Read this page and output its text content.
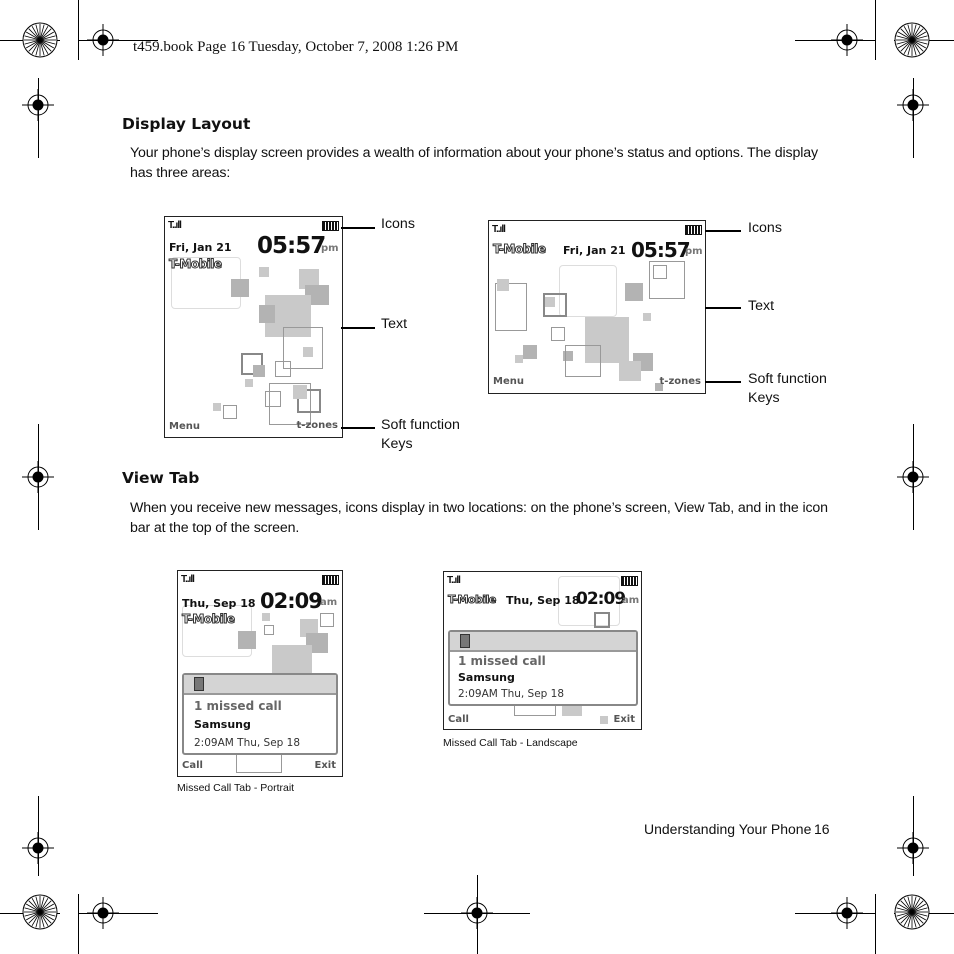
t459.book Page 16 Tuesday, October 7, 2008 1:26 PM
Display Layout
Your phone’s display screen provides a wealth of information about your phone’s status and options. The display has three areas:
T..ıll
Fri, Jan 21 05:57
pm
T-Mobile
Menu	t-zones
Icons
Text
Soft function
Keys
T..ıll
T-Mobile Fri, Jan 21 05:57
pm
Menu	t-zones
Icons
Text
Soft function
Keys
View Tab
When you receive new messages, icons display in two locations: on the phone’s screen, View Tab, and in the icon bar at the top of the screen.
T..ıll
Thu, Sep 18 02:09
am
T-Mobile
1 missed call
Samsung
2:09AM Thu, Sep 18
Call	Exit
Missed Call Tab - Portrait
T..ıll
T-Mobile Thu, Sep 18
02:09
am
1 missed call
Samsung
2:09AM Thu, Sep 18
Call	Exit
Missed Call Tab - Landscape
Understanding Your Phone 16
